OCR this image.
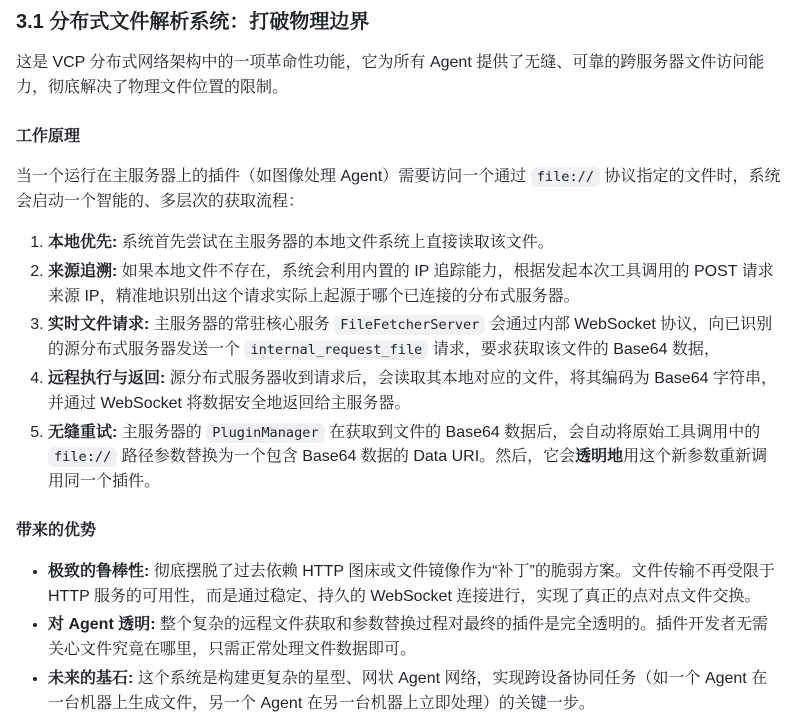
3.1 分布式文件解析系统：打破物理边界

这是 VCP 分布式网络架构中的一项革命性功能，它为所有 Agent 提供了无缝、可靠的跨服务器文件访问能力，彻底解决了物理文件位置的限制。

工作原理

当一个运行在主服务器上的插件（如图像处理 Agent）需要访问一个通过 file:// 协议指定的文件时，系统会启动一个智能的、多层次的获取流程：

1. 本地优先: 系统首先尝试在主服务器的本地文件系统上直接读取该文件。
2. 来源追溯: 如果本地文件不存在，系统会利用内置的 IP 追踪能力，根据发起本次工具调用的 POST 请求来源 IP，精准地识别出这个请求实际上起源于哪个已连接的分布式服务器。
3. 实时文件请求: 主服务器的常驻核心服务 FileFetcherServer 会通过内部 WebSocket 协议，向已识别的源分布式服务器发送一个 internal_request_file 请求，要求获取该文件的 Base64 数据，
4. 远程执行与返回: 源分布式服务器收到请求后，会读取其本地对应的文件，将其编码为 Base64 字符串，并通过 WebSocket 将数据安全地返回给主服务器。
5. 无缝重试: 主服务器的 PluginManager 在获取到文件的 Base64 数据后，会自动将原始工具调用中的 file:// 路径参数替换为一个包含 Base64 数据的 Data URI。然后，它会透明地用这个新参数重新调用同一个插件。
带来的优势
• 极致的鲁棒性: 彻底摆脱了过去依赖 HTTP 图床或文件镜像作为“补丁”的脆弱方案。文件传输不再受限于 HTTP 服务的可用性，而是通过稳定、持久的 WebSocket 连接进行，实现了真正的点对点文件交换。
• 对 Agent 透明: 整个复杂的远程文件获取和参数替换过程对最终的插件是完全透明的。插件开发者无需关心文件究竟在哪里，只需正常处理文件数据即可。
• 未来的基石: 这个系统是构建更复杂的星型、网状 Agent 网络，实现跨设备协同任务（如一个 Agent 在一台机器上生成文件，另一个 Agent 在另一台机器上立即处理）的关键一步。
